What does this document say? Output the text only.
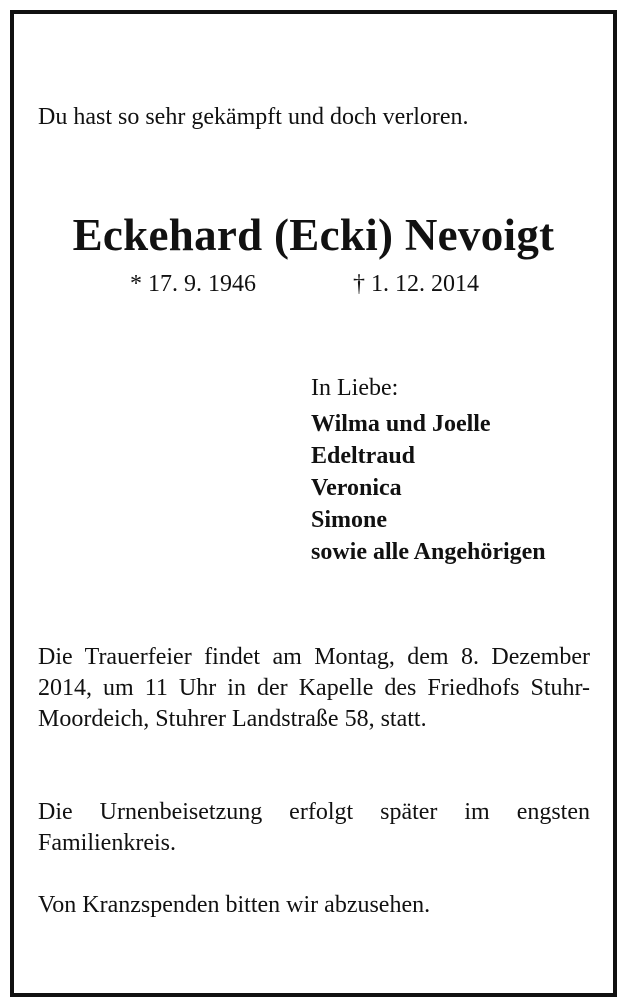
Du hast so sehr gekämpft und doch verloren.
Eckehard (Ecki) Nevoigt
* 17. 9. 1946	† 1. 12. 2014
In Liebe:
Wilma und Joelle
Edeltraud
Veronica
Simone
sowie alle Angehörigen
Die Trauerfeier findet am Montag, dem 8. Dezember 2014, um 11 Uhr in der Kapelle des Friedhofs Stuhr-Moordeich, Stuhrer Landstraße 58, statt.
Die Urnenbeisetzung erfolgt später im engsten Familienkreis.
Von Kranzspenden bitten wir abzusehen.
